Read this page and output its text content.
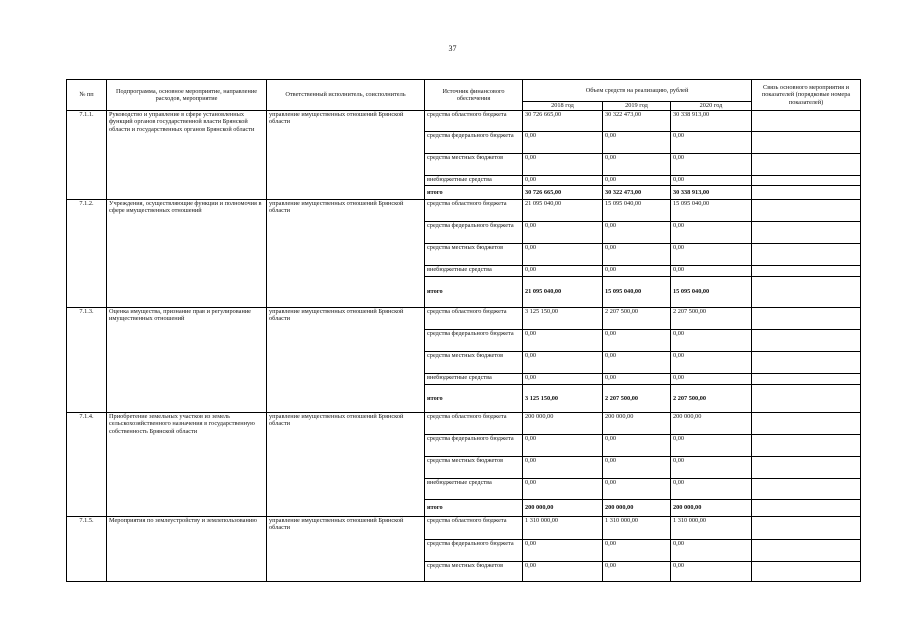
37
№ пп	Подпрограмма, основное мероприятие, направление расходов, мероприятие	Ответственный исполнитель, соисполнитель	Источник финансового обеспечения	Объем средств на реализацию, рублей			Связь основного мероприятия и показателей (порядковые номера показателей)
				2018 год	2019 год	2020 год	
7.1.1.	Руководство и управление в сфере установленных функций органов государственной власти Брянской области и государственных органов Брянской области	управление имущественных отношений Брянской области	средства областного бюджета	30 726 665,00	30 322 473,00	30 338 913,00	
			средства федерального бюджета	0,00	0,00	0,00	
			средства местных бюджетов	0,00	0,00	0,00	
			внебюджетные средства	0,00	0,00	0,00	
			итого	30 726 665,00	30 322 473,00	30 338 913,00	
7.1.2.	Учреждения, осуществляющие функции и полномочия в сфере имущественных отношений	управление имущественных отношений Брянской области	средства областного бюджета	21 095 040,00	15 095 040,00	15 095 040,00	
			средства федерального бюджета	0,00	0,00	0,00	
			средства местных бюджетов	0,00	0,00	0,00	
			внебюджетные средства	0,00	0,00	0,00	
			итого	21 095 040,00	15 095 040,00	15 095 040,00	
7.1.3.	Оценка имущества, признание прав и регулирование имущественных отношений	управление имущественных отношений Брянской области	средства областного бюджета	3 125 150,00	2 207 500,00	2 207 500,00	
			средства федерального бюджета	0,00	0,00	0,00	
			средства местных бюджетов	0,00	0,00	0,00	
			внебюджетные средства	0,00	0,00	0,00	
			итого	3 125 150,00	2 207 500,00	2 207 500,00	
7.1.4.	Приобретение земельных участков из земель сельскохозяйственного назначения в государственную собственность Брянской области	управление имущественных отношений Брянской области	средства областного бюджета	200 000,00	200 000,00	200 000,00	
			средства федерального бюджета	0,00	0,00	0,00	
			средства местных бюджетов	0,00	0,00	0,00	
			внебюджетные средства	0,00	0,00	0,00	
			итого	200 000,00	200 000,00	200 000,00	
7.1.5.	Мероприятия по землеустройству и землепользованию	управление имущественных отношений Брянской области	средства областного бюджета	1 310 000,00	1 310 000,00	1 310 000,00	
			средства федерального бюджета	0,00	0,00	0,00	
			средства местных бюджетов	0,00	0,00	0,00	
